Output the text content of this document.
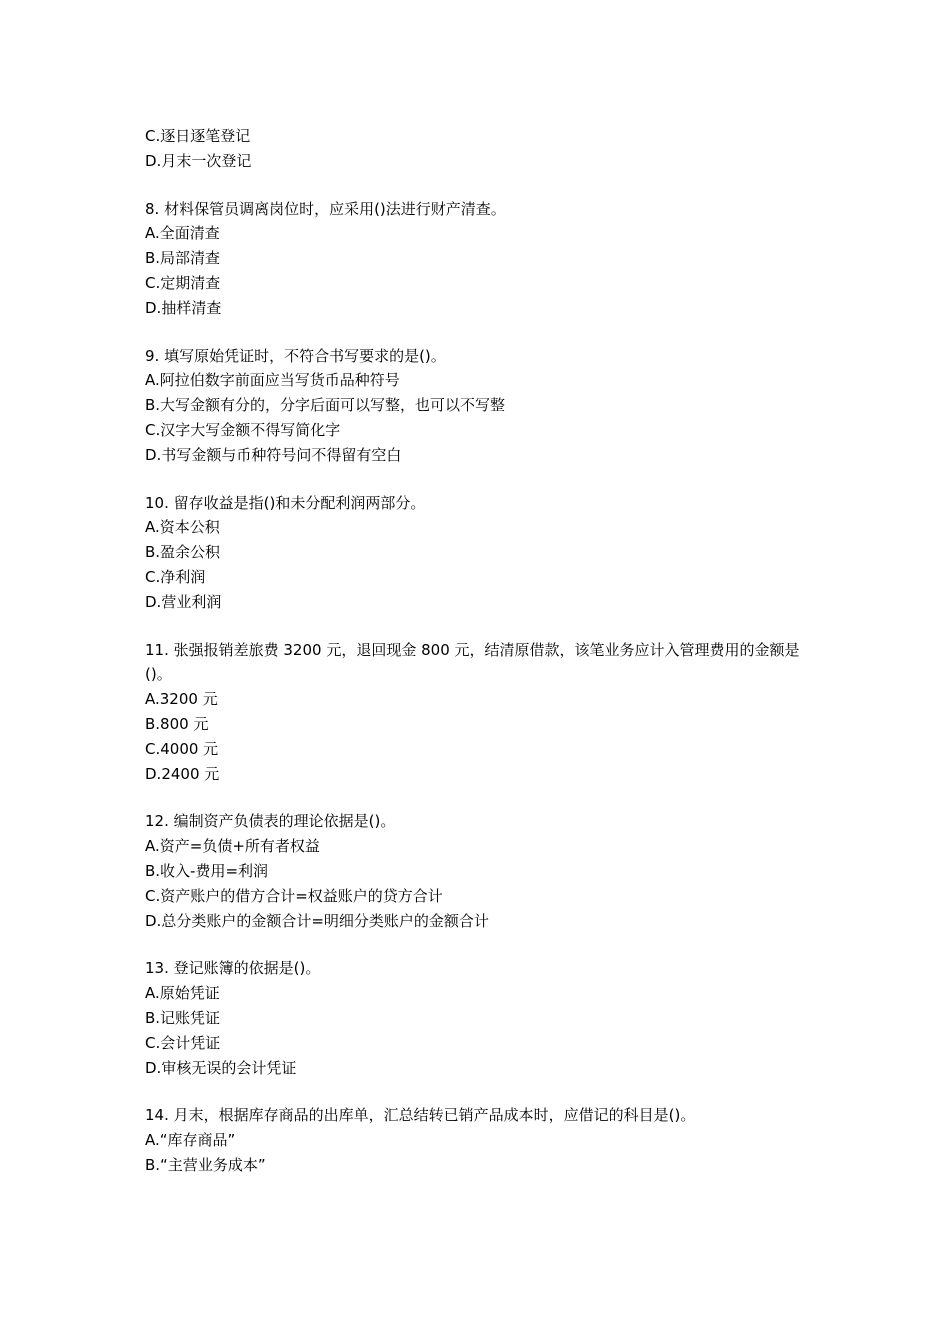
C.逐日逐笔登记

D.月末一次登记

8. 材料保管员调离岗位时，应采用()法进行财产清查。

A.全面清查

B.局部清查

C.定期清查

D.抽样清查

9. 填写原始凭证时，不符合书写要求的是()。

A.阿拉伯数字前面应当写货币品种符号

B.大写金额有分的，分字后面可以写整，也可以不写整

C.汉字大写金额不得写简化字

D.书写金额与币种符号问不得留有空白

10. 留存收益是指()和未分配利润两部分。

A.资本公积

B.盈余公积

C.净利润

D.营业利润

11. 张强报销差旅费 3200 元，退回现金 800 元，结清原借款，该笔业务应计入管理费用的金额是()。

A.3200 元

B.800 元

C.4000 元

D.2400 元

12. 编制资产负债表的理论依据是()。

A.资产=负债+所有者权益

B.收入-费用=利润

C.资产账户的借方合计=权益账户的贷方合计

D.总分类账户的金额合计=明细分类账户的金额合计

13. 登记账簿的依据是()。

A.原始凭证

B.记账凭证

C.会计凭证

D.审核无误的会计凭证

14. 月末，根据库存商品的出库单，汇总结转已销产品成本时，应借记的科目是()。

A.“库存商品”

B.“主营业务成本”
